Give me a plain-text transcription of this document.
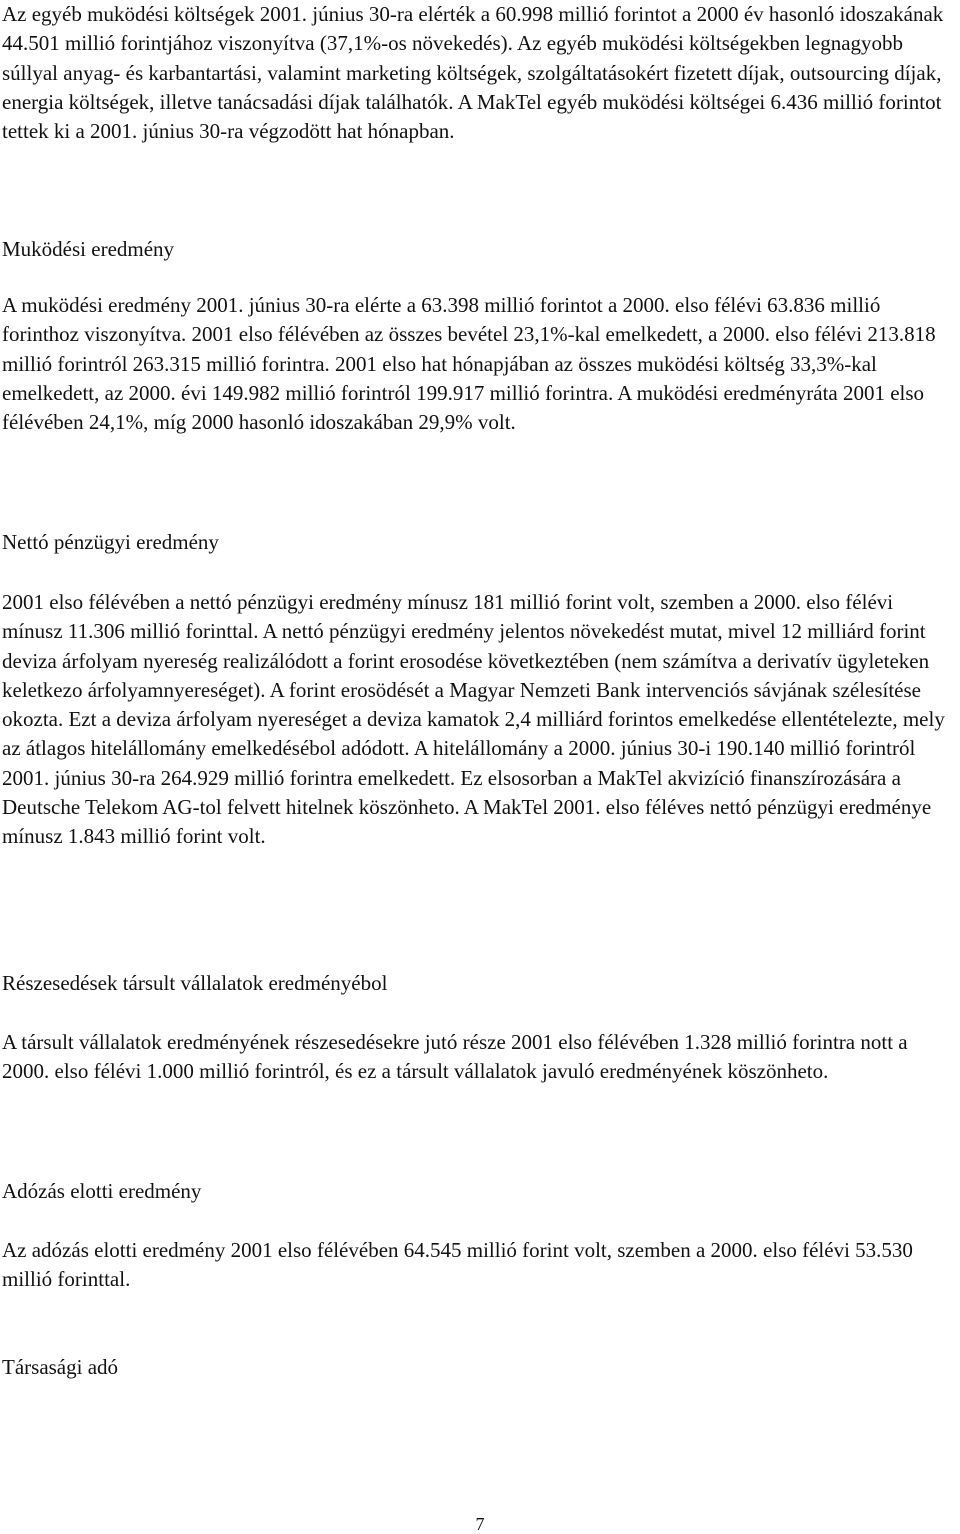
Az egyéb muködési költségek 2001. június 30-ra elérték a 60.998 millió forintot a 2000 év hasonló idoszakának 44.501 millió forintjához viszonyítva (37,1%-os növekedés). Az egyéb muködési költségekben legnagyobb súllyal anyag- és karbantartási, valamint marketing költségek, szolgáltatásokért fizetett díjak, outsourcing díjak, energia költségek, illetve tanácsadási díjak találhatók. A MakTel egyéb muködési költségei 6.436 millió forintot tettek ki a 2001. június 30-ra végzodött hat hónapban.

Muködési eredmény

A muködési eredmény 2001. június 30-ra elérte a 63.398 millió forintot a 2000. elso félévi 63.836 millió forinthoz viszonyítva. 2001 elso félévében az összes bevétel 23,1%-kal emelkedett, a 2000. elso félévi 213.818 millió forintról 263.315 millió forintra. 2001 elso hat hónapjában az összes muködési költség 33,3%-kal emelkedett, az 2000. évi 149.982 millió forintról 199.917 millió forintra. A muködési eredményráta 2001 elso félévében 24,1%, míg 2000 hasonló idoszakában 29,9% volt.

Nettó pénzügyi eredmény

2001 elso félévében a nettó pénzügyi eredmény mínusz 181 millió forint volt, szemben a 2000. elso félévi mínusz 11.306 millió forinttal. A nettó pénzügyi eredmény jelentos növekedést mutat, mivel 12 milliárd forint deviza árfolyam nyereség realizálódott a forint erosodése következtében (nem számítva a derivatív ügyleteken keletkezo árfolyamnyereséget). A forint erosödését a Magyar Nemzeti Bank intervenciós sávjának szélesítése okozta. Ezt a deviza árfolyam nyereséget a deviza kamatok 2,4 milliárd forintos emelkedése ellentételezte, mely az átlagos hitelállomány emelkedésébol adódott. A hitelállomány a 2000. június 30-i 190.140 millió forintról 2001. június 30-ra 264.929 millió forintra emelkedett. Ez elsosorban a MakTel akvizíció finanszírozására a Deutsche Telekom AG-tol felvett hitelnek köszönheto. A MakTel 2001. elso féléves nettó pénzügyi eredménye mínusz 1.843 millió forint volt.

Részesedések társult vállalatok eredményébol

A társult vállalatok eredményének részesedésekre jutó része 2001 elso félévében 1.328 millió forintra nott a 2000. elso félévi 1.000 millió forintról, és ez a társult vállalatok javuló eredményének köszönheto.

Adózás elotti eredmény

Az adózás elotti eredmény 2001 elso félévében 64.545 millió forint volt, szemben a 2000. elso félévi 53.530 millió forinttal.

Társasági adó
7
